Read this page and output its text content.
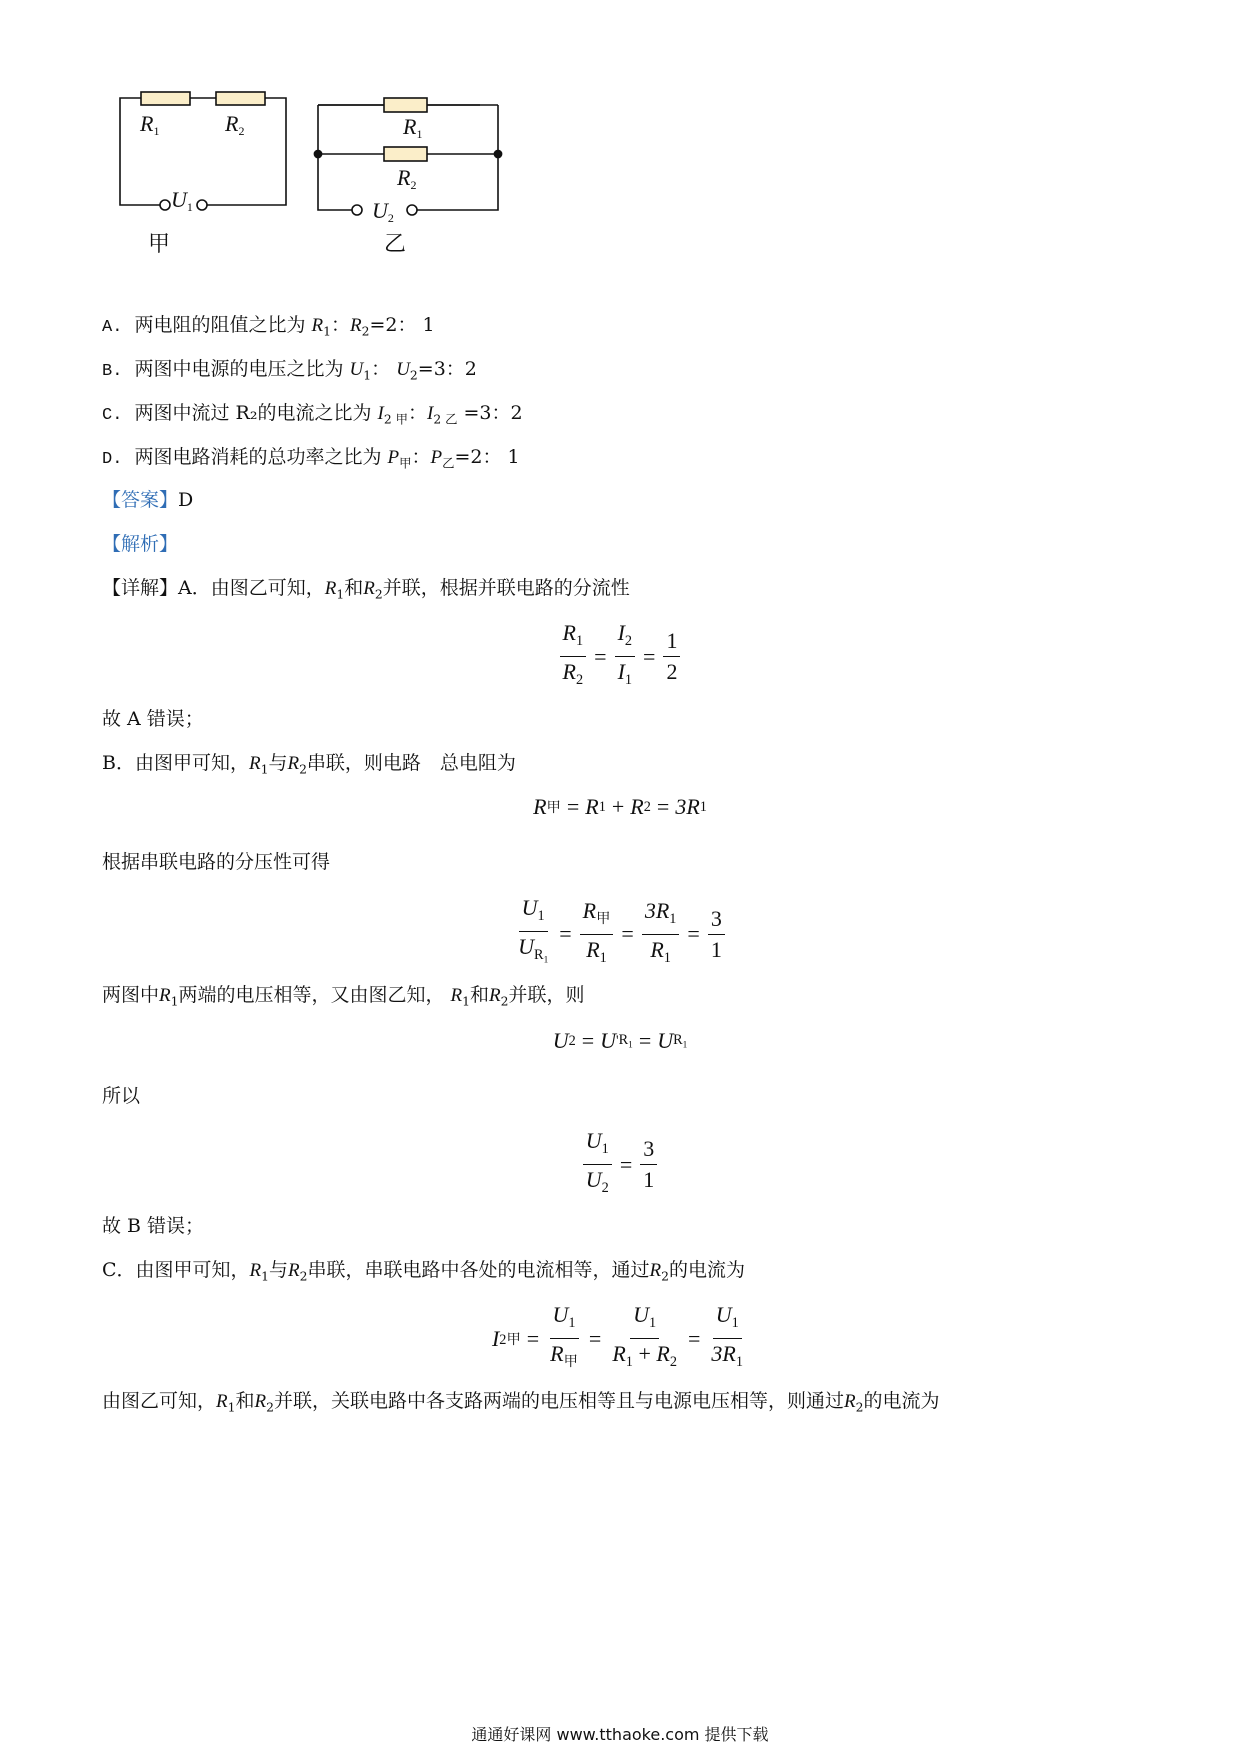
$R_1$	$R_2$
$U_1$
甲
$R_1$
$R_2$
$U_2$
乙
A. 两电阻的阻值之比为 $R_1$：$R_2=2$： 1
B. 两图中电源的电压之比为 $U_1$： $U_2=3$：2
C. 两图中流过 R₂的电流之比为 $I_{2 甲}$：$I_{2 乙} =3$：2
D. 两图电路消耗的总功率之比为 $P_甲$：$P_乙=2$： 1
【答案】D
【解析】
【详解】A．由图乙可知，$R_1$和$R_2$并联，根据并联电路的分流性
$\frac{R_1}{R_2} = \frac{I_2}{I_1} = \frac{1}{2}$
故 A 错误；
B．由图甲可知，$R_1$与$R_2$串联，则电路　总电阻为
R 甲 = R 1 + R 2 = 3R 1
根据串联电路的分压性可得
$\frac{U_1}{U_{R_1}} = \frac{R_甲}{R_1} = \frac{3R_1}{R_1} = \frac{3}{1}$
两图中$R_1$两端的电压相等，又由图乙知， $R_1$和$R_2$并联，则
U 2 = U ' $R_1 = U$ $R_1$
所以
$\frac{U_1}{U_2} = \frac{3}{1}$
故 B 错误；
C．由图甲可知，$R_1$与$R_2$串联，串联电路中各处的电流相等，通过$R_2$的电流为
I 2甲 = $\frac{U_1}{R_甲} = \frac{U_1}{R_1 + R_2} = \frac{U_1}{3R_1}$
由图乙可知，$R_1$和$R_2$并联，关联电路中各支路两端的电压相等且与电源电压相等，则通过$R_2$的电流为
通通好课网 www.tthaoke.com 提供下载
